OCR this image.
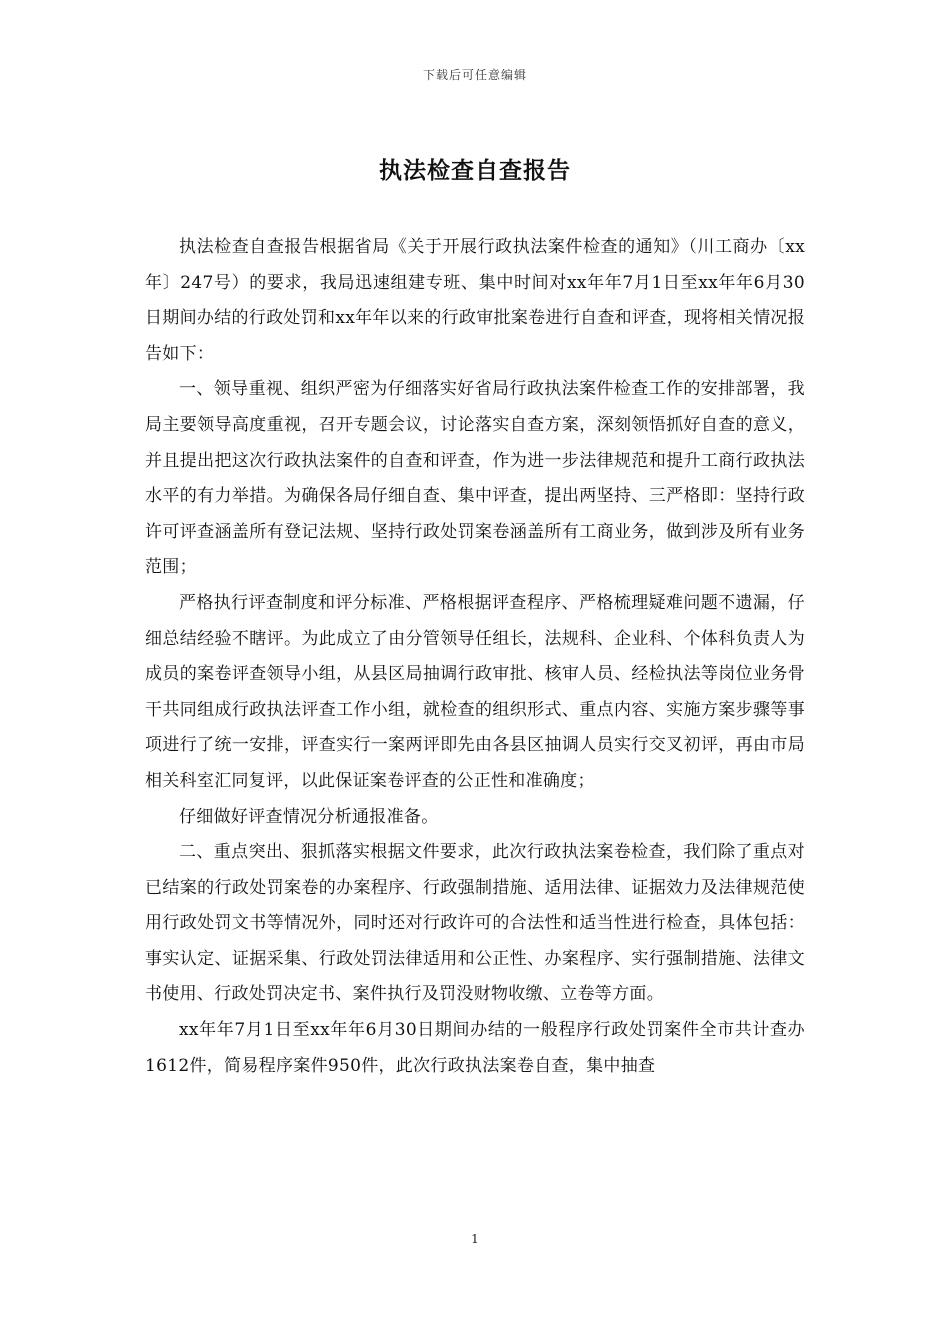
下载后可任意编辑
执法检查自查报告

执法检查自查报告根据省局《关于开展行政执法案件检查的通知》（川工商办〔xx年〕247号）的要求，我局迅速组建专班、集中时间对xx年年7月1日至xx年年6月30日期间办结的行政处罚和xx年年以来的行政审批案卷进行自查和评查，现将相关情况报告如下：

一、领导重视、组织严密为仔细落实好省局行政执法案件检查工作的安排部署，我局主要领导高度重视，召开专题会议，讨论落实自查方案，深刻领悟抓好自查的意义，并且提出把这次行政执法案件的自查和评查，作为进一步法律规范和提升工商行政执法水平的有力举措。为确保各局仔细自查、集中评查，提出两坚持、三严格即：坚持行政许可评查涵盖所有登记法规、坚持行政处罚案卷涵盖所有工商业务，做到涉及所有业务范围；

严格执行评查制度和评分标准、严格根据评查程序、严格梳理疑难问题不遗漏，仔细总结经验不瞎评。为此成立了由分管领导任组长，法规科、企业科、个体科负责人为成员的案卷评查领导小组，从县区局抽调行政审批、核审人员、经检执法等岗位业务骨干共同组成行政执法评查工作小组，就检查的组织形式、重点内容、实施方案步骤等事项进行了统一安排，评查实行一案两评即先由各县区抽调人员实行交叉初评，再由市局相关科室汇同复评，以此保证案卷评查的公正性和准确度；

仔细做好评查情况分析通报准备。

二、重点突出、狠抓落实根据文件要求，此次行政执法案卷检查，我们除了重点对已结案的行政处罚案卷的办案程序、行政强制措施、适用法律、证据效力及法律规范使用行政处罚文书等情况外，同时还对行政许可的合法性和适当性进行检查，具体包括：事实认定、证据采集、行政处罚法律适用和公正性、办案程序、实行强制措施、法律文书使用、行政处罚决定书、案件执行及罚没财物收缴、立卷等方面。

xx年年7月1日至xx年年6月30日期间办结的一般程序行政处罚案件全市共计查办1612件，简易程序案件950件，此次行政执法案卷自查，集中抽查

1
